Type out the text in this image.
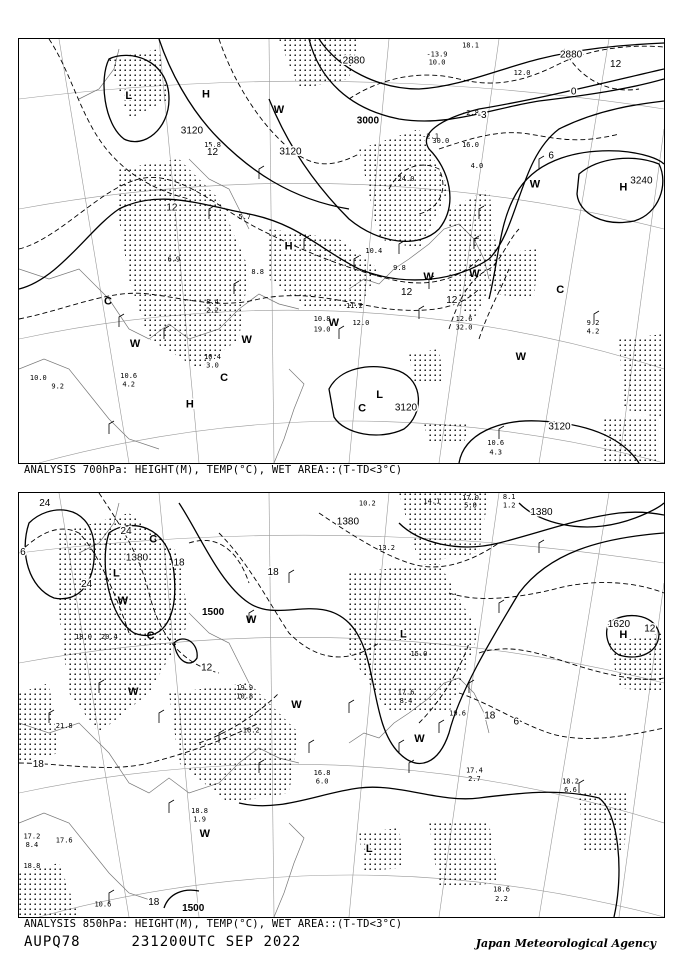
-13.9
10.0
-2.1
16.0
-2.8
30.0
4.0
24.0
10.4
9.8
11.2
12.0
10.8
19.0
8.4
2.2
10.4
3.0
10.6
4.2
10.0
9.2
12.6
32.0
9.2
4.2
10.6
4.3
6.9
8.8
5.7
15.8
12.0
18.1
12
12
12
12
12
6
-3
0
2880
2880
3000
3120
3120
3120
3120
3240
W
W
W	W
W
W
W
W
C
C
C
C
L	H
H
H
H
L
ANALYSIS 700hPa: HEIGHT(M), TEMP(°C), WET AREA::(T-TD<3°C)
17.0
5.0
8.1
1.2
10.2
13.2
18.0 20.4
21.8
19.9
10.8
17.6
8.4
15.0
17.4
2.7	18.2
6.6
16.8
6.0
18.8
1.9
17.2
8.4
17.6
18.8
10.6
18.6
2.2
19.6
16.2
14.1
24
24
24
18
18
18
18
18
12
12
6
6
1380
1380
1380
1500
1500
1620
W
W
W
W
W
W
C
C
L
L
L
H
ANALYSIS 850hPa: HEIGHT(M), TEMP(°C), WET AREA::(T-TD<3°C)
AUPQ78	231200UTC SEP 2022	Japan Meteorological Agency
